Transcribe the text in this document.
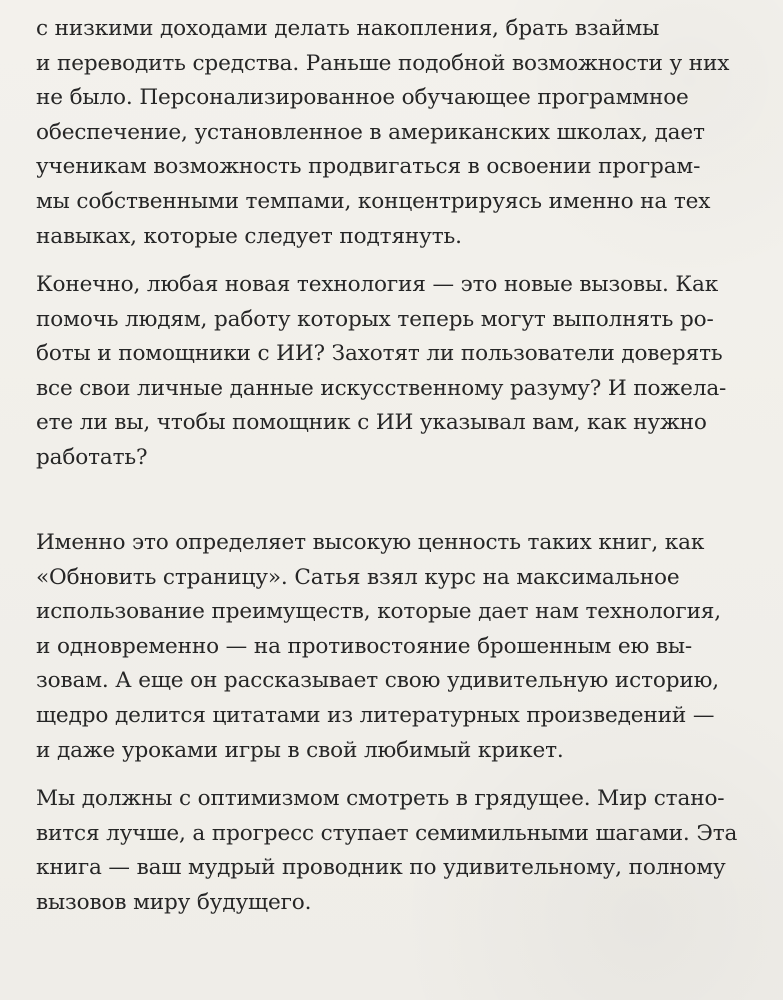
с низкими доходами делать накопления, брать взаймы
и переводить средства. Раньше подобной возможности у них
не было. Персонализированное обучающее программное
обеспечение, установленное в американских школах, дает
ученикам возможность продвигаться в освоении програм-
мы собственными темпами, концентрируясь именно на тех
навыках, которые следует подтянуть.
Конечно, любая новая технология — это новые вызовы. Как
помочь людям, работу которых теперь могут выполнять ро-
боты и помощники с ИИ? Захотят ли пользователи доверять
все свои личные данные искусственному разуму? И пожела-
ете ли вы, чтобы помощник с ИИ указывал вам, как нужно
работать?
Именно это определяет высокую ценность таких книг, как
«Обновить страницу». Сатья взял курс на максимальное
использование преимуществ, которые дает нам технология,
и одновременно — на противостояние брошенным ею вы-
зовам. А еще он рассказывает свою удивительную историю,
щедро делится цитатами из литературных произведений —
и даже уроками игры в свой любимый крикет.
Мы должны с оптимизмом смотреть в грядущее. Мир стано-
вится лучше, а прогресс ступает семимильными шагами. Эта
книга — ваш мудрый проводник по удивительному, полному
вызовов миру будущего.
